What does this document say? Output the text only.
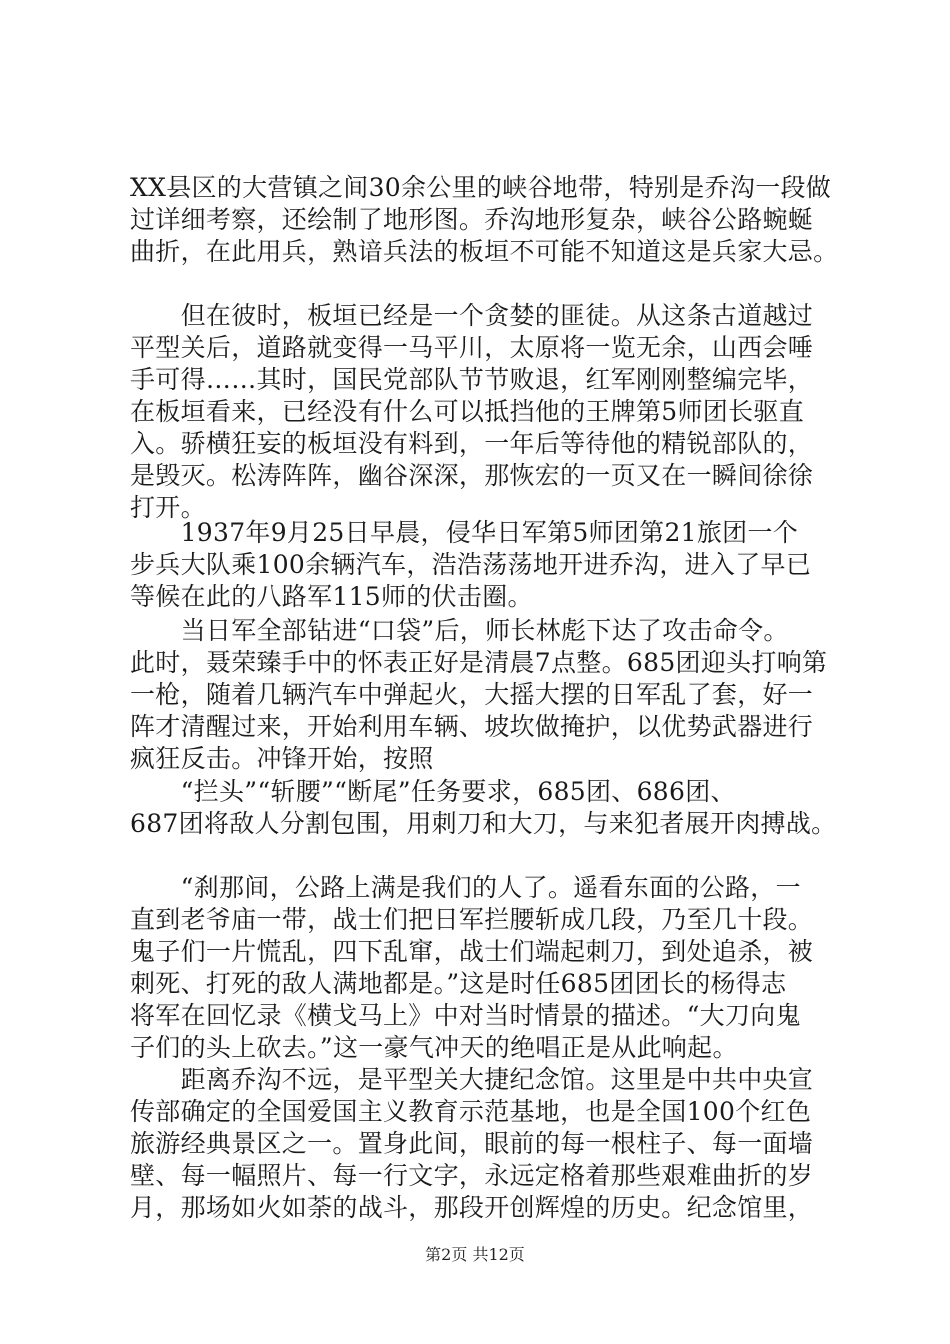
XX县区的大营镇之间30余公里的峡谷地带，特别是乔沟一段做
过详细考察，还绘制了地形图。乔沟地形复杂，峡谷公路蜿蜒
曲折，在此用兵，熟谙兵法的板垣不可能不知道这是兵家大忌。
　　但在彼时，板垣已经是一个贪婪的匪徒。从这条古道越过
平型关后，道路就变得一马平川，太原将一览无余，山西会唾
手可得……其时，国民党部队节节败退，红军刚刚整编完毕，
在板垣看来，已经没有什么可以抵挡他的王牌第5师团长驱直
入。骄横狂妄的板垣没有料到，一年后等待他的精锐部队的，
是毁灭。松涛阵阵，幽谷深深，那恢宏的一页又在一瞬间徐徐
打开。
　　1937年9月25日早晨，侵华日军第5师团第21旅团一个
步兵大队乘100余辆汽车，浩浩荡荡地开进乔沟，进入了早已
等候在此的八路军115师的伏击圈。
　　当日军全部钻进“口袋”后，师长林彪下达了攻击命令。
此时，聂荣臻手中的怀表正好是清晨7点整。685团迎头打响第
一枪，随着几辆汽车中弹起火，大摇大摆的日军乱了套，好一
阵才清醒过来，开始利用车辆、坡坎做掩护，以优势武器进行
疯狂反击。冲锋开始，按照
　　“拦头”“斩腰”“断尾”任务要求，685团、686团、
687团将敌人分割包围，用刺刀和大刀，与来犯者展开肉搏战。
　　“刹那间，公路上满是我们的人了。遥看东面的公路，一
直到老爷庙一带，战士们把日军拦腰斩成几段，乃至几十段。
鬼子们一片慌乱，四下乱窜，战士们端起刺刀，到处追杀，被
刺死、打死的敌人满地都是。”这是时任685团团长的杨得志
将军在回忆录《横戈马上》中对当时情景的描述。“大刀向鬼
子们的头上砍去。”这一豪气冲天的绝唱正是从此响起。
　　距离乔沟不远，是平型关大捷纪念馆。这里是中共中央宣
传部确定的全国爱国主义教育示范基地，也是全国100个红色
旅游经典景区之一。置身此间，眼前的每一根柱子、每一面墙
壁、每一幅照片、每一行文字，永远定格着那些艰难曲折的岁
月，那场如火如荼的战斗，那段开创辉煌的历史。纪念馆里，
第2页 共12页
